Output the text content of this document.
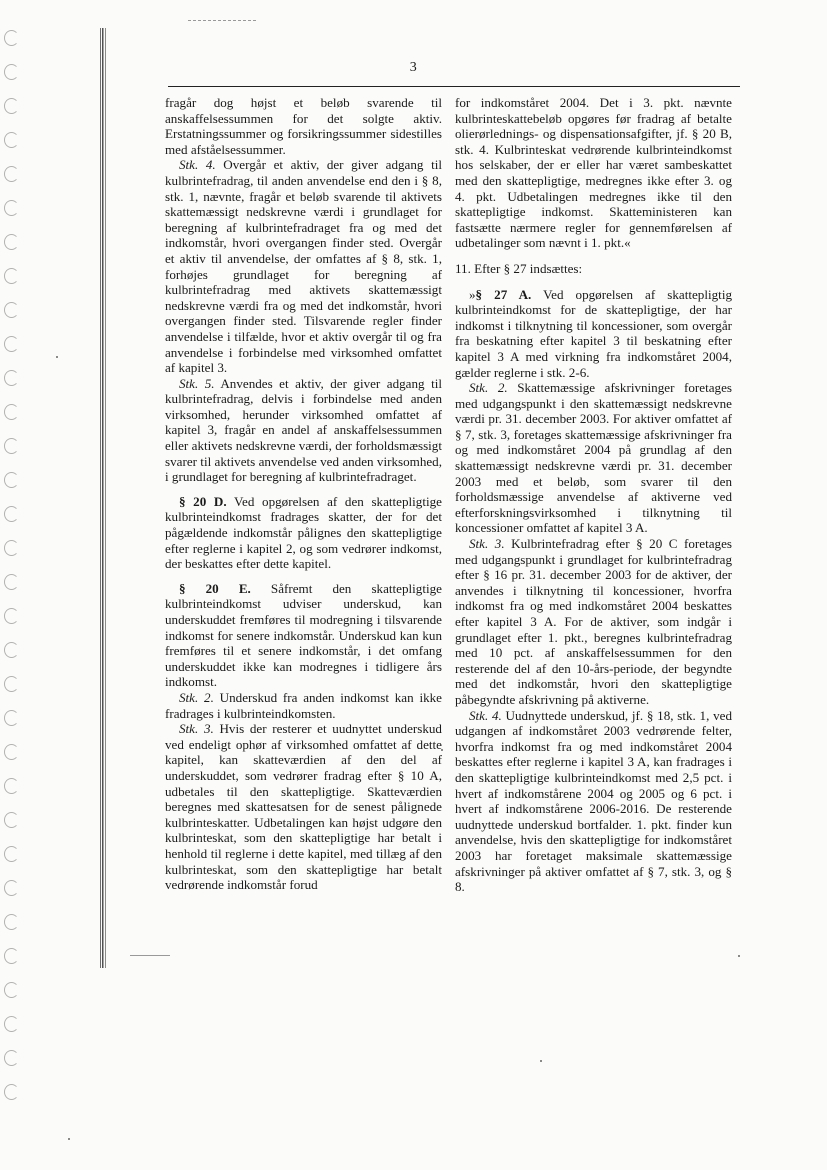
3

fragår dog højst et beløb svarende til anskaffelsessummen for det solgte aktiv. Erstatningssummer og forsikringssummer sidestilles med afståelsessummer.

Stk. 4. Overgår et aktiv, der giver adgang til kulbrintefradrag, til anden anvendelse end den i § 8, stk. 1, nævnte, fragår et beløb svarende til aktivets skattemæssigt nedskrevne værdi i grundlaget for beregning af kulbrintefradraget fra og med det indkomstår, hvori overgangen finder sted. Overgår et aktiv til anvendelse, der omfattes af § 8, stk. 1, forhøjes grundlaget for beregning af kulbrintefradrag med aktivets skattemæssigt nedskrevne værdi fra og med det indkomstår, hvori overgangen finder sted. Tilsvarende regler finder anvendelse i tilfælde, hvor et aktiv overgår til og fra anvendelse i forbindelse med virksomhed omfattet af kapitel 3.

Stk. 5. Anvendes et aktiv, der giver adgang til kulbrintefradrag, delvis i forbindelse med anden virksomhed, herunder virksomhed omfattet af kapitel 3, fragår en andel af anskaffelsessummen eller aktivets nedskrevne værdi, der forholdsmæssigt svarer til aktivets anvendelse ved anden virksomhed, i grundlaget for beregning af kulbrintefradraget.

§ 20 D. Ved opgørelsen af den skattepligtige kulbrinteindkomst fradrages skatter, der for det pågældende indkomstår pålignes den skattepligtige efter reglerne i kapitel 2, og som vedrører indkomst, der beskattes efter dette kapitel.

§ 20 E. Såfremt den skattepligtige kulbrinteindkomst udviser underskud, kan underskuddet fremføres til modregning i tilsvarende indkomst for senere indkomstår. Underskud kan kun fremføres til et senere indkomstår, i det omfang underskuddet ikke kan modregnes i tidligere års indkomst.

Stk. 2. Underskud fra anden indkomst kan ikke fradrages i kulbrinteindkomsten.

Stk. 3. Hvis der resterer et uudnyttet underskud ved endeligt ophør af virksomhed omfattet af dette kapitel, kan skatteværdien af den del af underskuddet, som vedrører fradrag efter § 10 A, udbetales til den skattepligtige. Skatteværdien beregnes med skattesatsen for de senest pålignede kulbrinteskatter. Udbetalingen kan højst udgøre den kulbrinteskat, som den skattepligtige har betalt i henhold til reglerne i dette kapitel, med tillæg af den kulbrinteskat, som den skattepligtige har betalt vedrørende indkomstår forud

for indkomståret 2004. Det i 3. pkt. nævnte kulbrinteskattebeløb opgøres før fradrag af betalte olierørlednings- og dispensationsafgifter, jf. § 20 B, stk. 4. Kulbrinteskat vedrørende kulbrinteindkomst hos selskaber, der er eller har været sambeskattet med den skattepligtige, medregnes ikke efter 3. og 4. pkt. Udbetalingen medregnes ikke til den skattepligtige indkomst. Skatteministeren kan fastsætte nærmere regler for gennemførelsen af udbetalinger som nævnt i 1. pkt.«

11. Efter § 27 indsættes:

»§ 27 A. Ved opgørelsen af skattepligtig kulbrinteindkomst for de skattepligtige, der har indkomst i tilknytning til koncessioner, som overgår fra beskatning efter kapitel 3 til beskatning efter kapitel 3 A med virkning fra indkomståret 2004, gælder reglerne i stk. 2-6.

Stk. 2. Skattemæssige afskrivninger foretages med udgangspunkt i den skattemæssigt nedskrevne værdi pr. 31. december 2003. For aktiver omfattet af § 7, stk. 3, foretages skattemæssige afskrivninger fra og med indkomståret 2004 på grundlag af den skattemæssigt nedskrevne værdi pr. 31. december 2003 med et beløb, som svarer til den forholdsmæssige anvendelse af aktiverne ved efterforskningsvirksomhed i tilknytning til koncessioner omfattet af kapitel 3 A.

Stk. 3. Kulbrintefradrag efter § 20 C foretages med udgangspunkt i grundlaget for kulbrintefradrag efter § 16 pr. 31. december 2003 for de aktiver, der anvendes i tilknytning til koncessioner, hvorfra indkomst fra og med indkomståret 2004 beskattes efter kapitel 3 A. For de aktiver, som indgår i grundlaget efter 1. pkt., beregnes kulbrintefradrag med 10 pct. af anskaffelsessummen for den resterende del af den 10-års-periode, der begyndte med det indkomstår, hvori den skattepligtige påbegyndte afskrivning på aktiverne.

Stk. 4. Uudnyttede underskud, jf. § 18, stk. 1, ved udgangen af indkomståret 2003 vedrørende felter, hvorfra indkomst fra og med indkomståret 2004 beskattes efter reglerne i kapitel 3 A, kan fradrages i den skattepligtige kulbrinteindkomst med 2,5 pct. i hvert af indkomstårene 2004 og 2005 og 6 pct. i hvert af indkomstårene 2006-2016. De resterende uudnyttede underskud bortfalder. 1. pkt. finder kun anvendelse, hvis den skattepligtige for indkomståret 2003 har foretaget maksimale skattemæssige afskrivninger på aktiver omfattet af § 7, stk. 3, og § 8.
